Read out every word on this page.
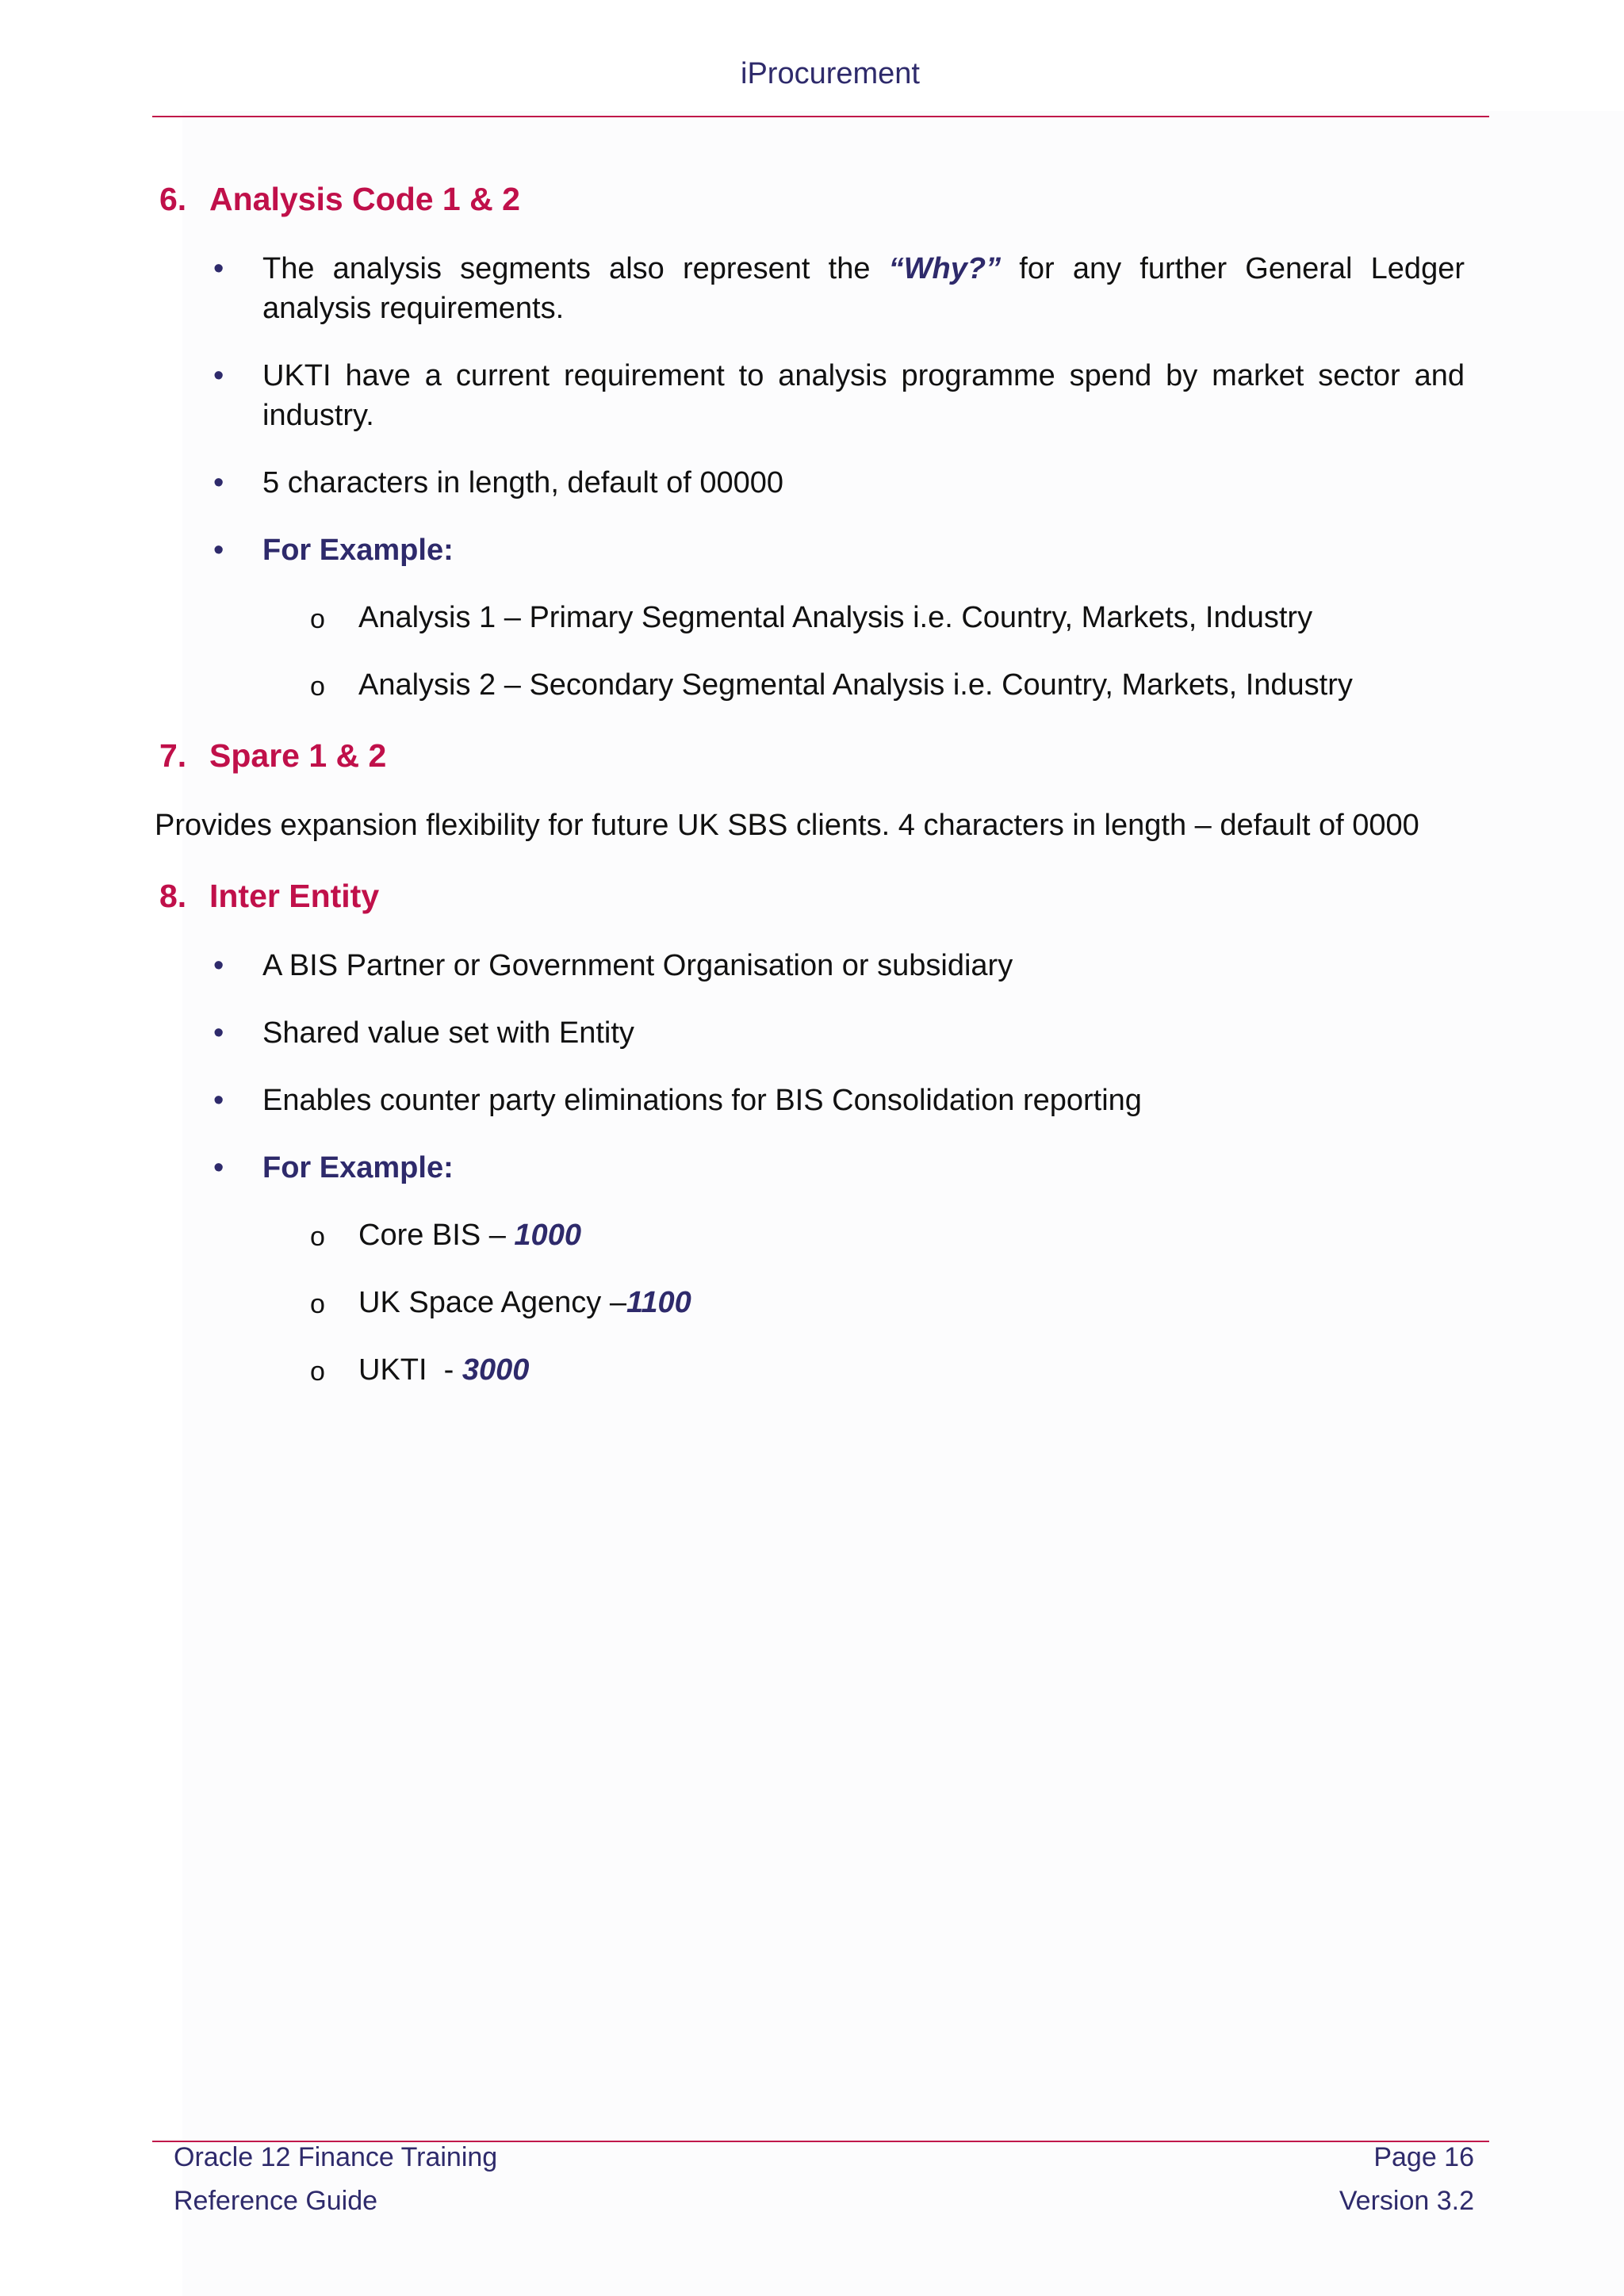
iProcurement
6. Analysis Code 1 & 2
• The analysis segments also represent the “Why?” for any further General Ledger analysis requirements.
• UKTI have a current requirement to analysis programme spend by market sector and industry.
• 5 characters in length, default of 00000
• For Example:
o Analysis 1 – Primary Segmental Analysis i.e. Country, Markets, Industry
o Analysis 2 – Secondary Segmental Analysis i.e. Country, Markets, Industry
7. Spare 1 & 2
Provides expansion flexibility for future UK SBS clients. 4 characters in length – default of 0000
8. Inter Entity
• A BIS Partner or Government Organisation or subsidiary
• Shared value set with Entity
• Enables counter party eliminations for BIS Consolidation reporting
• For Example:
o Core BIS – 1000
o UK Space Agency –1100
o UKTI  - 3000
Oracle 12 Finance Training	Page 16
Reference Guide	Version 3.2
